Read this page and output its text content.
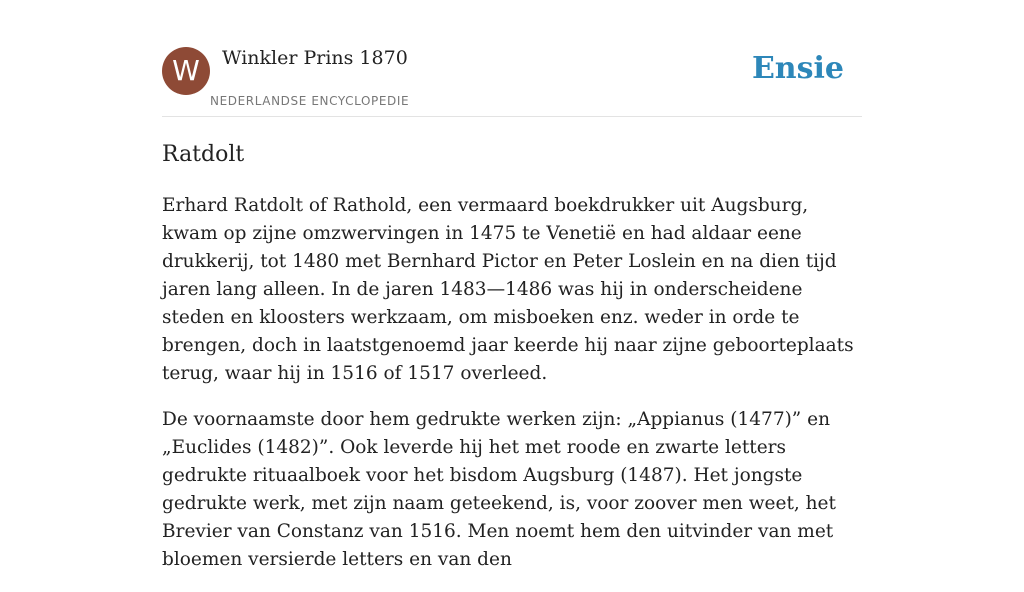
W	Winkler Prins 1870
NEDERLANDSE ENCYCLOPEDIE
Ensie
Ratdolt

Erhard Ratdolt of Rathold, een vermaard boekdrukker uit Augsburg, kwam op zijne omzwervingen in 1475 te Venetië en had aldaar eene drukkerij, tot 1480 met Bernhard Pictor en Peter Loslein en na dien tijd jaren lang alleen. In de jaren 1483—1486 was hij in onderscheidene steden en kloosters werkzaam, om misboeken enz. weder in orde te brengen, doch in laatstgenoemd jaar keerde hij naar zijne geboorteplaats terug, waar hij in 1516 of 1517 overleed.

De voornaamste door hem gedrukte werken zijn: „Appianus (1477)” en „Euclides (1482)”. Ook leverde hij het met roode en zwarte letters gedrukte rituaalboek voor het bisdom Augsburg (1487). Het jongste gedrukte werk, met zijn naam geteekend, is, voor zoover men weet, het Brevier van Constanz van 1516. Men noemt hem den uitvinder van met bloemen versierde letters en van den
